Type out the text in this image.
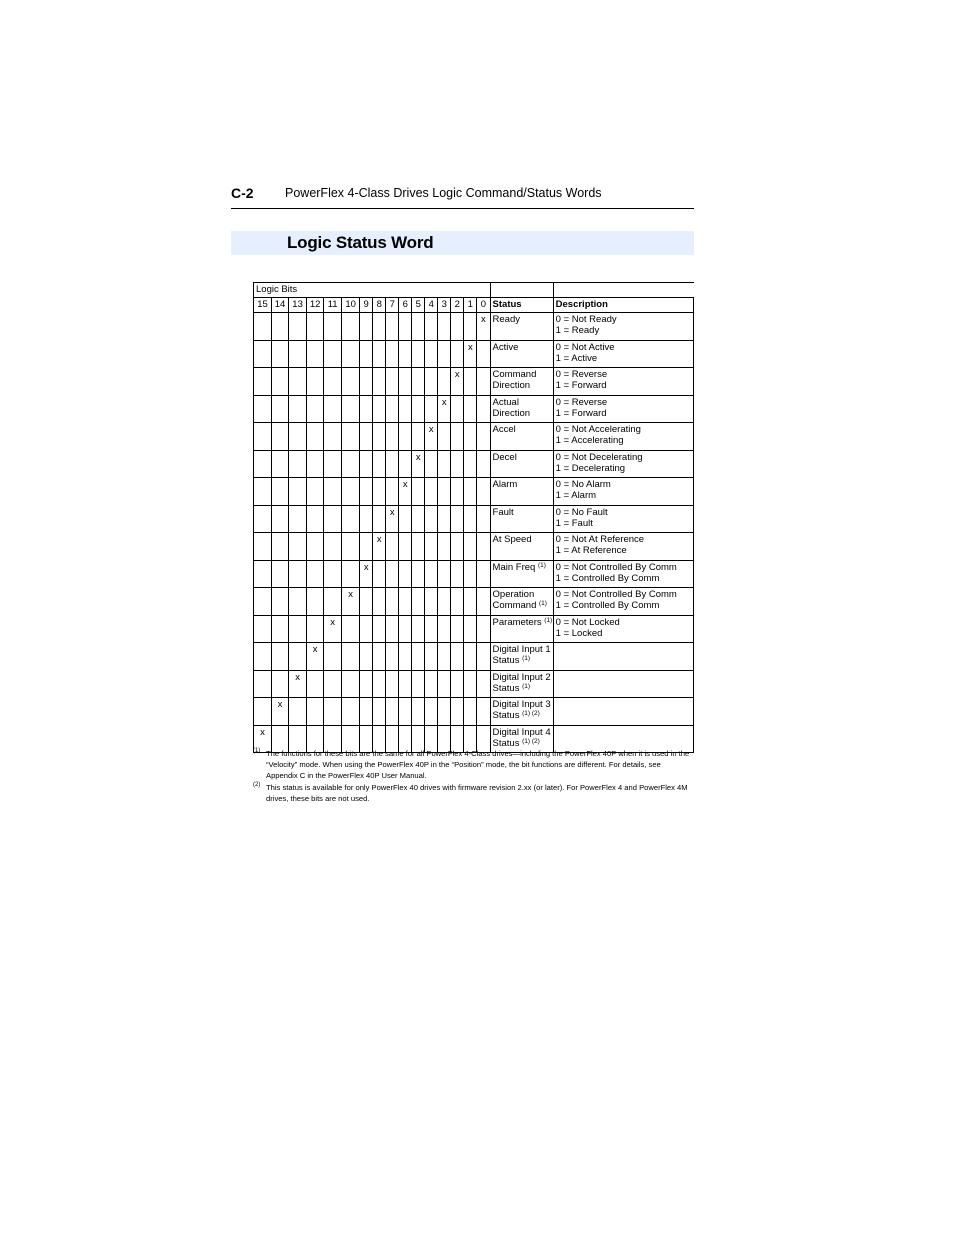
C-2	PowerFlex 4-Class Drives Logic Command/Status Words
Logic Status Word
Logic Bits																	
15	14	13	12	11	10	9	8	7	6	5	4	3	2	1	0	Status	Description
															x	Ready	0 = Not Ready
1 = Ready
														x		Active	0 = Not Active
1 = Active
													x			Command
Direction	0 = Reverse
1 = Forward
												x				Actual
Direction	0 = Reverse
1 = Forward
											x					Accel	0 = Not Accelerating
1 = Accelerating
										x						Decel	0 = Not Decelerating
1 = Decelerating
									x							Alarm	0 = No Alarm
1 = Alarm
								x								Fault	0 = No Fault
1 = Fault
							x									At Speed	0 = Not At Reference
1 = At Reference
						x										Main Freq $^{(1)}$	0 = Not Controlled By Comm
1 = Controlled By Comm
					x											Operation
Command $^{(1)}$	0 = Not Controlled By Comm
1 = Controlled By Comm
				x												Parameters $^{(1)}$	0 = Not Locked
1 = Locked
			x													Digital Input 1
Status $^{(1)}$	

		x														Digital Input 2
Status $^{(1)}$	

	x															Digital Input 3
Status $^{(1) (2)}$	

x																Digital Input 4
Status $^{(1) (2)}$	

(1) The functions for these bits are the same for all PowerFlex 4-Class drives—including the PowerFlex 40P when it is used in the “Velocity” mode. When using the PowerFlex 40P in the “Position” mode, the bit functions are different. For details, see Appendix C in the PowerFlex 40P User Manual.
(2) This status is available for only PowerFlex 40 drives with firmware revision 2.xx (or later). For PowerFlex 4 and PowerFlex 4M drives, these bits are not used.
